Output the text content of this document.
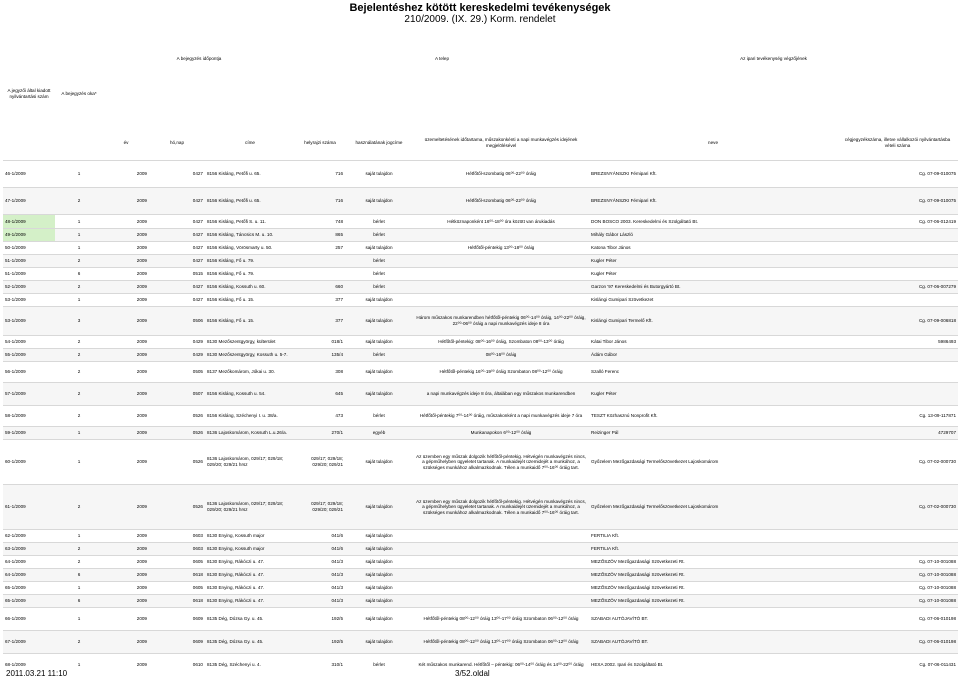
Bejelentéshez kötött kereskedelmi tevékenységek
210/2009. (IX. 29.) Korm. rendelet
A jegyzői által kiadott nyilvántartási szám	A bejegyzés oka*	A bejegyzés időpontja			A telep			Az ipari tevékenység végzőjének	

		év	hó,nap	címe	helyrajzi száma	használatának jogcíme	üzemeltetésének időtartama, műszakonkénti a napi munkavégzés idejének megjelölésével	neve	cégjegyzékszáma, illetve vállalkozói nyilvántartásba vételi száma

46-1/2009	1	2009	0427	8156 Kisláng, Petőfi u. 65.	716	saját tulajdon	Hétfőtől-szombatig 06⁰⁰-22⁰⁰ óráig	BREZSNYÁNSZKI Fémipari Kft.	Cg. 07-09-010075
47-1/2009	2	2009	0427	8156 Kisláng, Petőfi u. 65.	716	saját tulajdon	Hétfőtől-szombatig 06⁰⁰-22⁰⁰ óráig	BREZSNYÁNSZKI Fémipari Kft.	Cg. 07-09-010075
48-1/2009	1	2009	0427	8156 Kisláng, Petőfi S. u. 11.	748	bérlet	Hétköznaponként 16⁰⁰-18⁰⁰ óra között van árukiadás	DON BOSCO 2003. Kereskedelmi és Szolgáltató Bt.	Cg. 07-06-012419
49-1/2009	1	2009	0427	8156 Kisláng, Táncsics M. u. 10.	865	bérlet		Mihály Gábor László	
50-1/2009	1	2009	0427	8156 Kisláng, Vörösmarty u. 50.	257	saját tulajdon	Hétfőtől-péntekig 13⁰⁰-18⁰⁰ óráig	Katona Tibor János	
51-1/2009	2	2009	0427	8156 Kisláng, Fő u. 79.		bérlet		Kugler Péter	
51-1/2009	6	2009	0515	8156 Kisláng, Fő u. 79.		bérlet		Kugler Péter	
52-1/2009	2	2009	0427	8156 Kisláng, Kossuth u. 60.	660	bérlet		Garzon '97 Kereskedelmi és Butorgyártó Bt.	Cg. 07-06-007279
53-1/2009	1	2009	0427	8156 Kisláng, Fő u. 15.	377	saját tulajdon		Kislángi Gumipari Szövetkezet	
53-1/2009	3	2009	0506	8156 Kisláng, Fő u. 15.	377	saját tulajdon	Három műszakos munkarendben hétfőtől-péntekig 06⁰⁰-14⁰⁰ óráig, 14⁰⁰-22⁰⁰ óráig, 22⁰⁰-06⁰⁰ óráig a napi munkavégzés ideje 8 óra	Kislángi Gumipari Termelő Kft.	Cg. 07-09-006818
54-1/2009	2	2009	0429	8130 Mezőszentgyörgy, külterület	018/1	saját tulajdon	Hétfőtől-péntekig: 08⁰⁰-16⁰⁰ óráig, Szombaton 08⁰⁰-13⁰⁰ óráig	Kátai Tibor János	5986493
55-1/2009	2	2009	0429	8130 Mezőszentgyörgy, Kossuth u. 5-7.	135/4	bérlet	08⁰⁰-16⁰⁰ óráig	Ádám Gábor	
56-1/2009	2	2009	0505	8137 Mezőkomárom, Jókai u. 30.	308	saját tulajdon	Hétfőtől-péntekig 16⁰⁰-19⁰⁰ óráig Szombaton 08⁰⁰-12⁰⁰ óráig	Szalló Ferenc	
57-1/2009	2	2009	0507	8156 Kisláng, Kossuth u. 54.	645	saját tulajdon	a napi munkavégzés ideje 8 óra, általában egy műszakos munkarendben	Kugler Péter	
58-1/2009	2	2009	0526	8156 Kisláng, Széchenyi I. u. 38/a.	473	bérlet	Hétfőtől-péntekig 7⁰⁰-14⁰⁰ óráig, műszakonként a napi munkavégzés ideje 7 óra	TESZT Közhasznú Nonprofit Kft.	Cg. 13-09-117871
59-1/2009	1	2009	0526	8136 Lajoskomárom, Kossuth L.u.26/a.	270/1	egyéb	Munkanapokon 6⁰⁰-12⁰⁰ óráig	Reizinger Pál	4729707
60-1/2009	1	2009	0526	8136 Lajoskomárom, 029/17; 029/18; 029/20; 029/21 hrsz	029/17; 029/18; 029/20; 029/21	saját tulajdon	Az üzemben egy műszak dolgozik hétfőtől-péntekig. Hétvégén munkavégzés nincs, a gépműhelyben ügyeletet tartanak. A munkaidejét üzemidejét a munkához, a szükséges munkához alkalmazkodnak. Télen a munkaidő 7⁰⁰-16⁰⁰ óráig tart.	Győzelem Mezőgazdasági Termelőszövetkezet Lajoskomárom	Cg. 07-02-000730
61-1/2009	2	2009	0526	8136 Lajoskomárom, 029/17; 029/18; 029/20; 029/21 hrsz	029/17; 029/18; 029/20; 029/21	saját tulajdon	Az üzemben egy műszak dolgozik hétfőtől-péntekig. Hétvégén munkavégzés nincs, a gépműhelyben ügyeletet tartanak. A munkaidejét üzemidejét a munkához, a szükséges munkához alkalmazkodnak. Télen a munkaidő 7⁰⁰-16⁰⁰ óráig tart.	Győzelem Mezőgazdasági Termelőszövetkezet Lajoskomárom	Cg. 07-02-000730
62-1/2009	1	2009	0603	8130 Enying, Kossuth major	041/6	saját tulajdon		FERTILIA Kft.	
63-1/2009	2	2009	0603	8130 Enying, Kossuth major	041/6	saját tulajdon		FERTILIA Kft.	
64-1/2009	2	2009	0605	8130 Enying, Rákóczi u. 47.	041/3	saját tulajdon		MEZŐSZÖV Mezőgazdasági Szövetkezeti Rt.	Cg. 07-10-001088
64-1/2009	6	2009	0618	8130 Enying, Rákóczi u. 47.	041/3	saját tulajdon		MEZŐSZÖV Mezőgazdasági Szövetkezeti Rt.	Cg. 07-10-001088
65-1/2009	1	2009	0605	8130 Enying, Rákóczi u. 47.	041/3	saját tulajdon		MEZŐSZÖV Mezőgazdasági Szövetkezeti Rt.	Cg. 07-10-001088
65-1/2009	6	2009	0618	8130 Enying, Rákóczi u. 47.	041/3	saját tulajdon		MEZŐSZÖV Mezőgazdasági Szövetkezeti Rt.	Cg. 07-10-001088
66-1/2009	1	2009	0609	8135 Dég, Dózsa Gy. u. 45.	192/5	saját tulajdon	Hétfőtől-péntekig 08⁰⁰-12⁰⁰ óráig 13⁰⁰-17⁰⁰ óráig Szombaton 06⁰⁰-12⁰⁰ óráig	SZABADI AUTÓJAVÍTÓ BT.	Cg. 07-06-010198
67-1/2009	2	2009	0609	8135 Dég, Dózsa Gy. u. 45.	192/5	saját tulajdon	Hétfőtől-péntekig 08⁰⁰-12⁰⁰ óráig 13⁰⁰-17⁰⁰ óráig Szombaton 06⁰⁰-12⁰⁰ óráig	SZABADI AUTÓJAVÍTÓ BT.	Cg. 07-06-010198
68-1/2009	1	2009	0610	8135 Dég, Széchenyi u. 4.	310/1	bérlet	Két műszakos munkarend. Hétfőtől – péntekig: 06⁰⁰-14⁰⁰ óráig és 14⁰⁰-22⁰⁰ óráig	HEXA 2002. Ipari és Szolgáltató Bt.	Cg. 07-06-011431
2011.03.21 11:10	3/52.oldal
